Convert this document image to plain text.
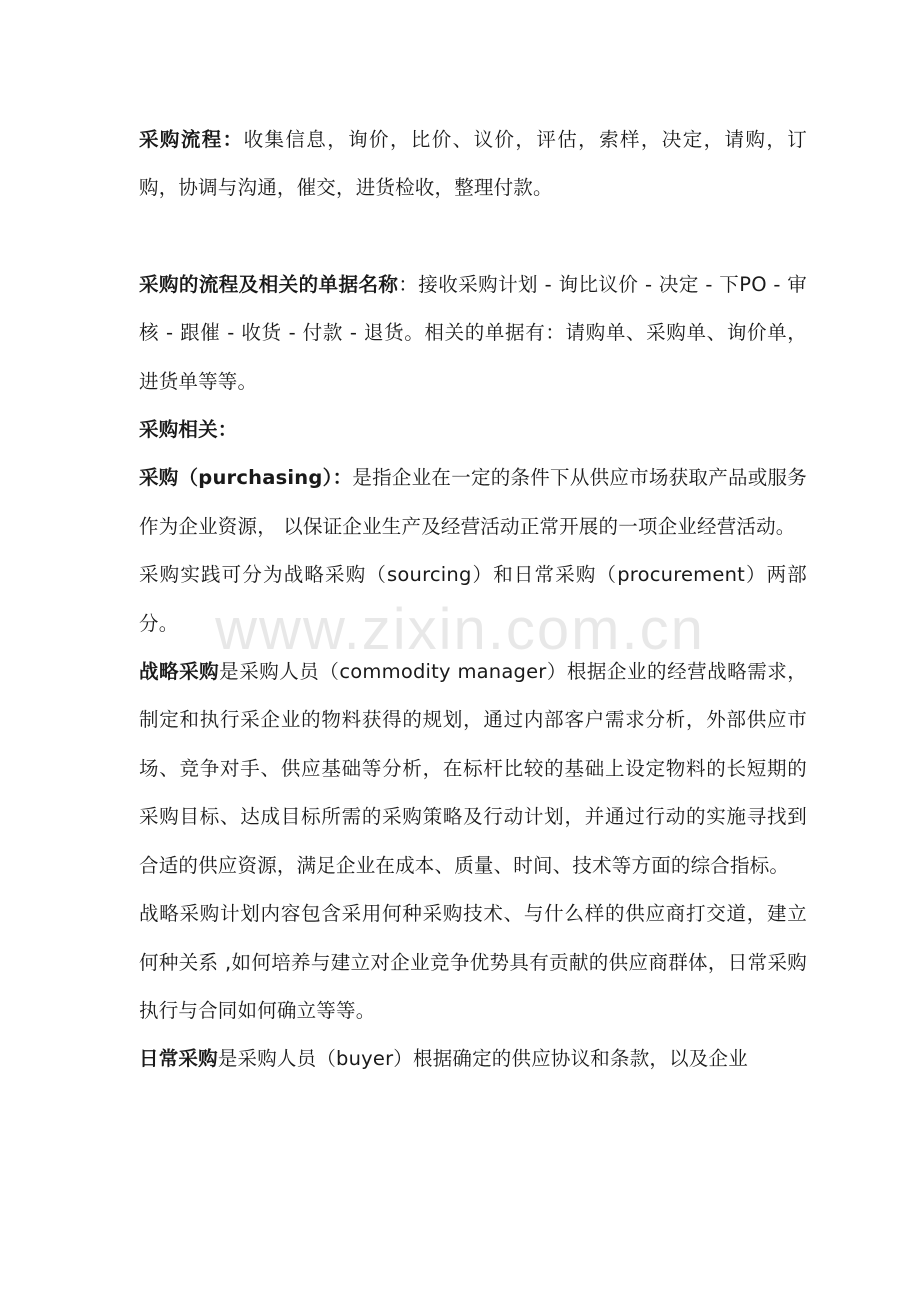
采购流程：收集信息，询价，比价、议价，评估，索样，决定，请购，订购，协调与沟通，催交，进货检收，整理付款。

采购的流程及相关的单据名称：接收采购计划 - 询比议价 - 决定 - 下PO - 审核 - 跟催 - 收货 - 付款 - 退货。相关的单据有：请购单、采购单、询价单，进货单等等。

采购相关：

采购（purchasing）：是指企业在一定的条件下从供应市场获取产品或服务作为企业资源， 以保证企业生产及经营活动正常开展的一项企业经营活动。

采购实践可分为战略采购（sourcing）和日常采购（procurement）两部分。

战略采购是采购人员（commodity manager）根据企业的经营战略需求，制定和执行采企业的物料获得的规划，通过内部客户需求分析，外部供应市场、竞争对手、供应基础等分析，在标杆比较的基础上设定物料的长短期的采购目标、达成目标所需的采购策略及行动计划，并通过行动的实施寻找到合适的供应资源，满足企业在成本、质量、时间、技术等方面的综合指标。

战略采购计划内容包含采用何种采购技术、与什么样的供应商打交道，建立何种关系 ,如何培养与建立对企业竞争优势具有贡献的供应商群体，日常采购执行与合同如何确立等等。

日常采购是采购人员（buyer）根据确定的供应协议和条款，以及企业

www.zixin.com.cn
